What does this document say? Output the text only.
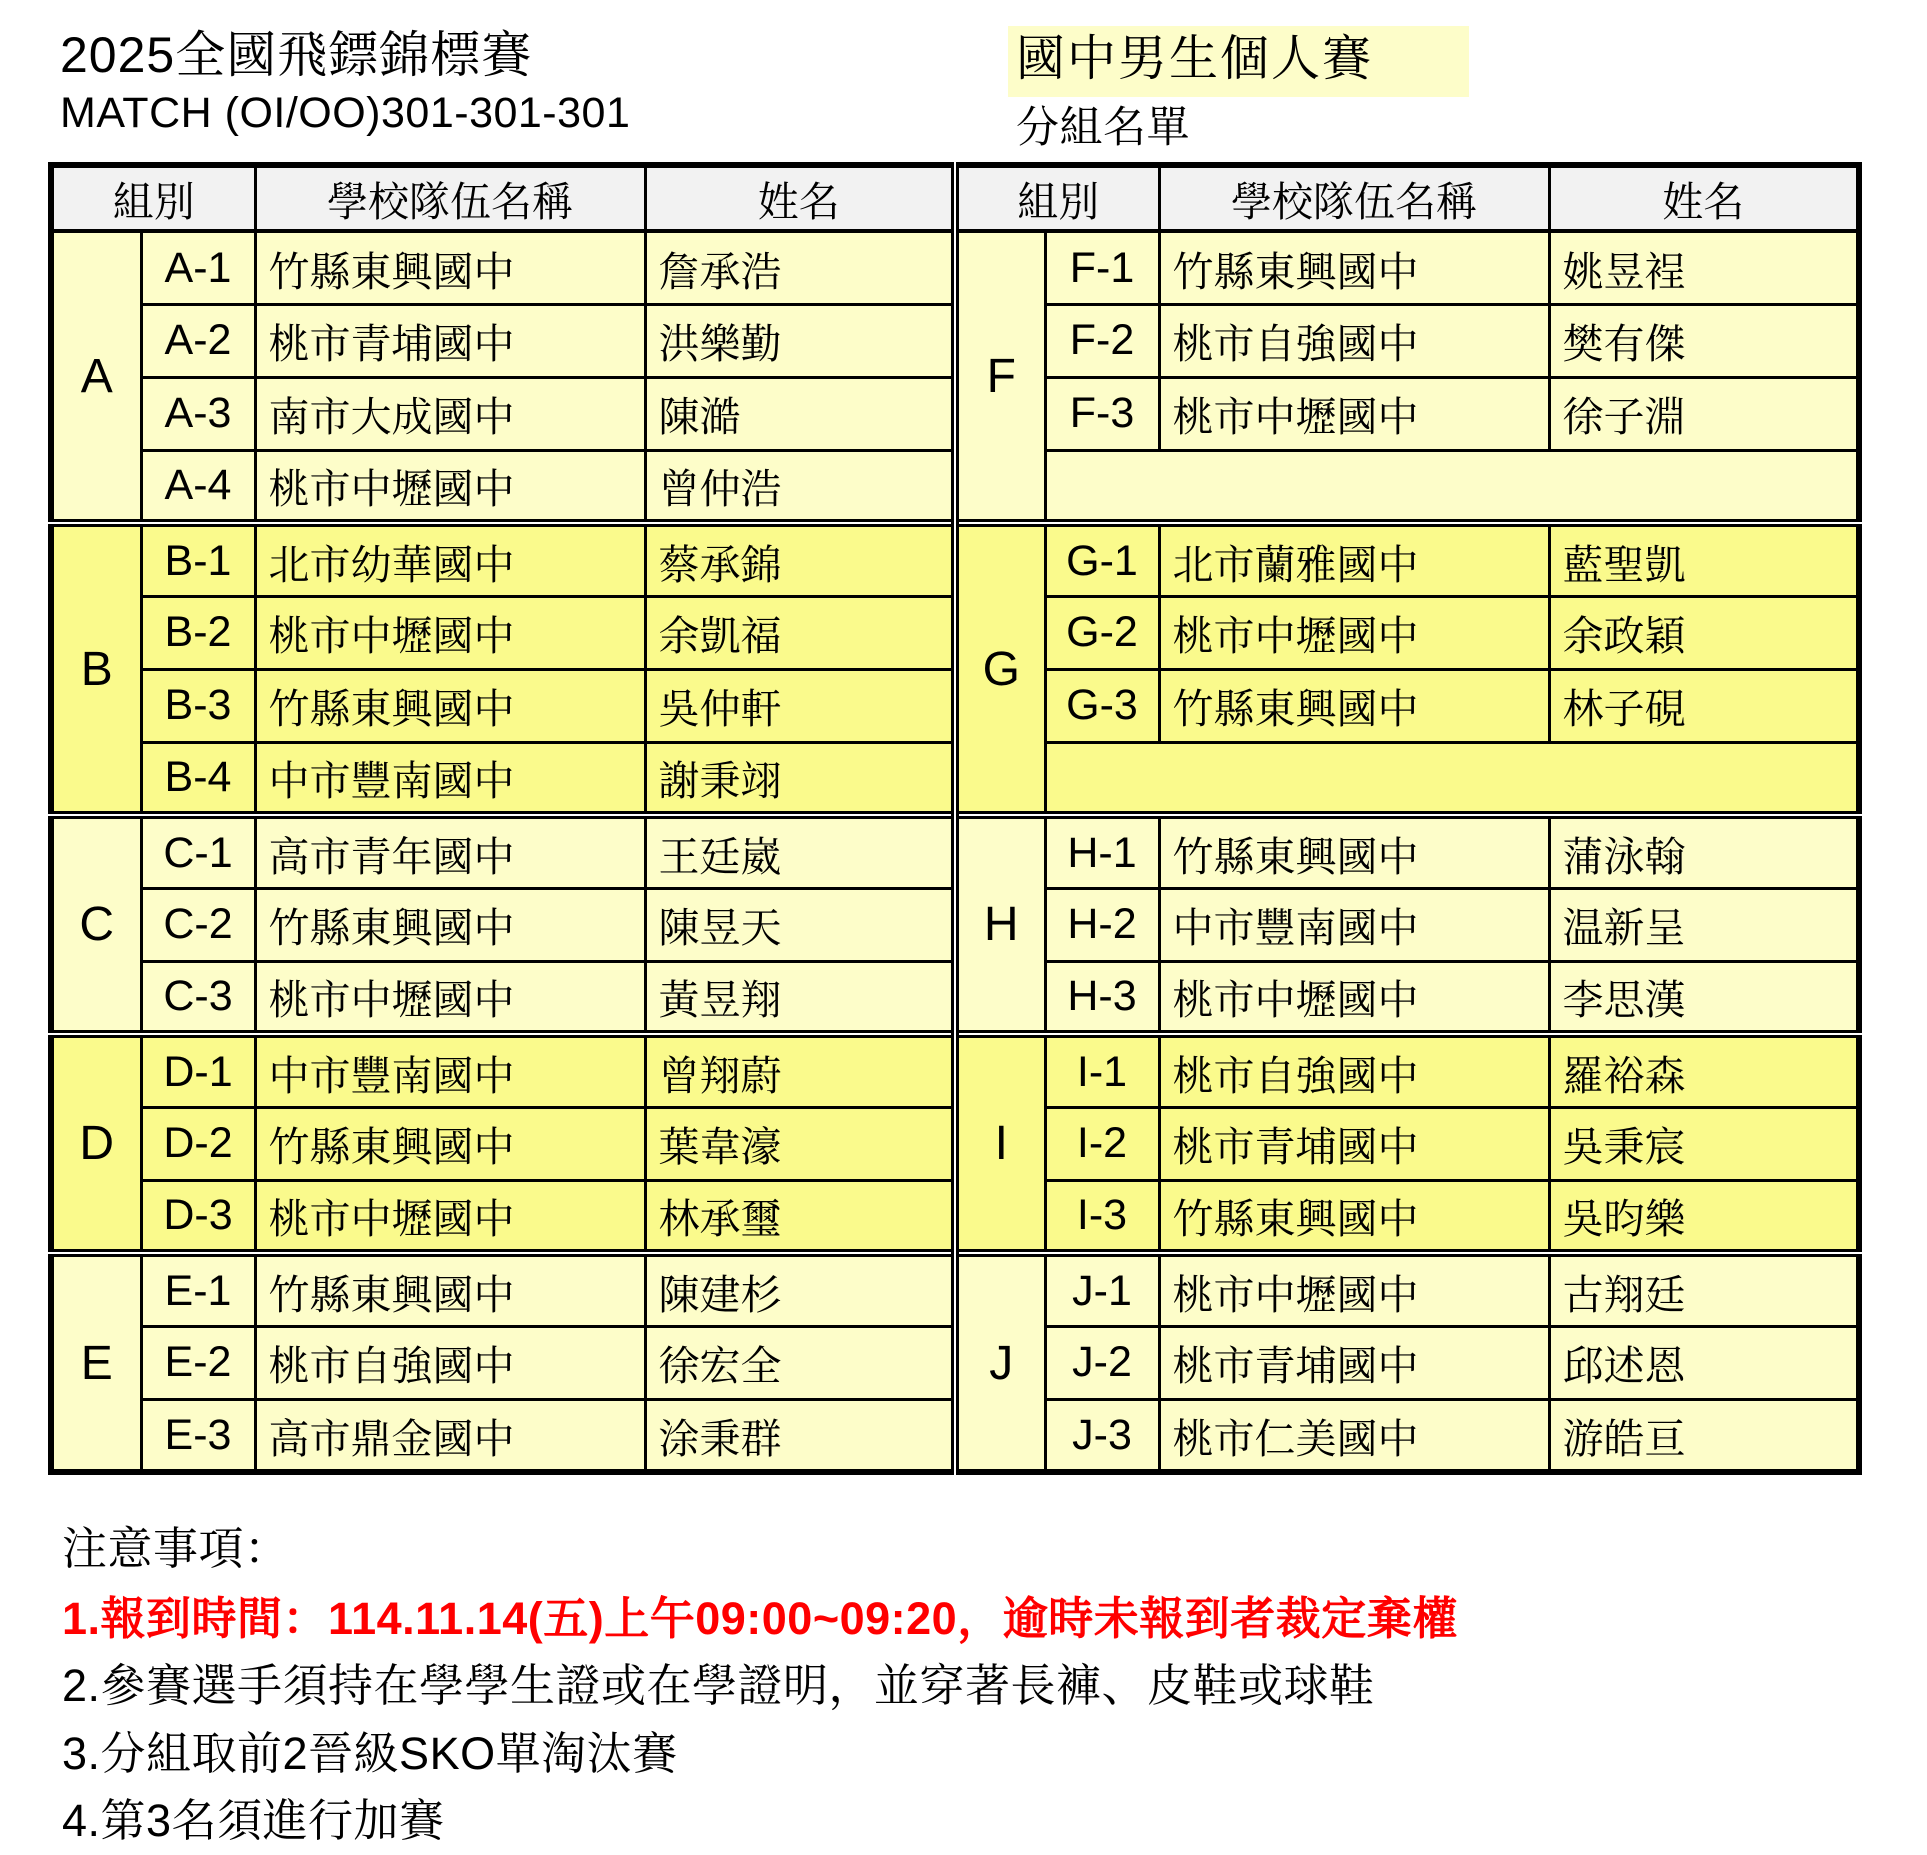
2025全國飛鏢錦標賽
MATCH (OI/OO)301-301-301
國中男生個人賽
分組名單
組別		學校隊伍名稱	姓名	組別		學校隊伍名稱	姓名
A	A-1	竹縣東興國中	詹承浩	F	F-1	竹縣東興國中	姚昱裎
	A-2	桃市青埔國中	洪樂勤		F-2	桃市自強國中	樊有傑
	A-3	南市大成國中	陳澔		F-3	桃市中壢國中	徐子淵
	A-4	桃市中壢國中	曾仲浩				
B	B-1	北市幼華國中	蔡承錦	G	G-1	北市蘭雅國中	藍聖凱
	B-2	桃市中壢國中	余凱福		G-2	桃市中壢國中	余政穎
	B-3	竹縣東興國中	吳仲軒		G-3	竹縣東興國中	林子硯
	B-4	中市豐南國中	謝秉翊				
C	C-1	高市青年國中	王廷崴	H	H-1	竹縣東興國中	蒲泳翰
	C-2	竹縣東興國中	陳昱天		H-2	中市豐南國中	温新呈
	C-3	桃市中壢國中	黃昱翔		H-3	桃市中壢國中	李思漢
D	D-1	中市豐南國中	曾翔蔚	I	I-1	桃市自強國中	羅裕森
	D-2	竹縣東興國中	葉韋濠		I-2	桃市青埔國中	吳秉宸
	D-3	桃市中壢國中	林承璽		I-3	竹縣東興國中	吳昀樂
E	E-1	竹縣東興國中	陳建杉	J	J-1	桃市中壢國中	古翔廷
	E-2	桃市自強國中	徐宏全		J-2	桃市青埔國中	邱述恩
	E-3	高市鼎金國中	涂秉群		J-3	桃市仁美國中	游皓亘
注意事項：
1.報到時間：114.11.14(五)上午09:00~09:20，逾時未報到者裁定棄權
2.參賽選手須持在學學生證或在學證明，並穿著長褲、皮鞋或球鞋
3.分組取前2晉級SKO單淘汰賽
4.第3名須進行加賽
